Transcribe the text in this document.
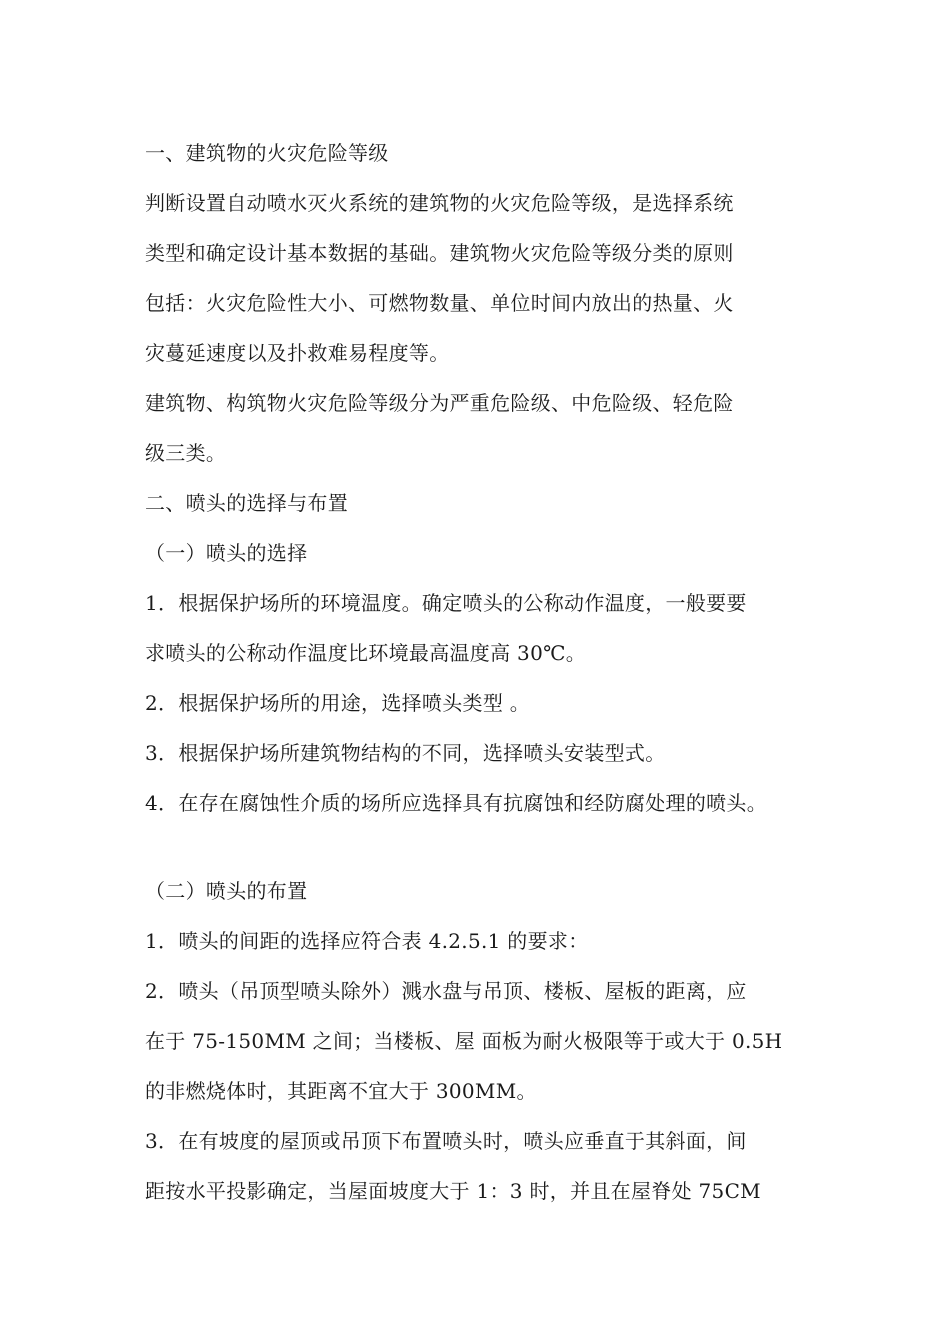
一、建筑物的火灾危险等级
判断设置自动喷水灭火系统的建筑物的火灾危险等级，是选择系统
类型和确定设计基本数据的基础。建筑物火灾危险等级分类的原则
包括：火灾危险性大小、可燃物数量、单位时间内放出的热量、火
灾蔓延速度以及扑救难易程度等。
建筑物、构筑物火灾危险等级分为严重危险级、中危险级、轻危险
级三类。
二、喷头的选择与布置
（一）喷头的选择
1．根据保护场所的环境温度。确定喷头的公称动作温度，一般要要
求喷头的公称动作温度比环境最高温度高 30℃。
2．根据保护场所的用途，选择喷头类型 。
3．根据保护场所建筑物结构的不同，选择喷头安装型式。
4．在存在腐蚀性介质的场所应选择具有抗腐蚀和经防腐处理的喷头。
（二）喷头的布置
1．喷头的间距的选择应符合表 4.2.5.1 的要求：
2．喷头（吊顶型喷头除外）溅水盘与吊顶、楼板、屋板的距离，应
在于 75-150MM 之间；当楼板、屋 面板为耐火极限等于或大于 0.5H
的非燃烧体时，其距离不宜大于 300MM。
3．在有坡度的屋顶或吊顶下布置喷头时，喷头应垂直于其斜面，间
距按水平投影确定，当屋面坡度大于 1：3 时，并且在屋脊处 75CM
